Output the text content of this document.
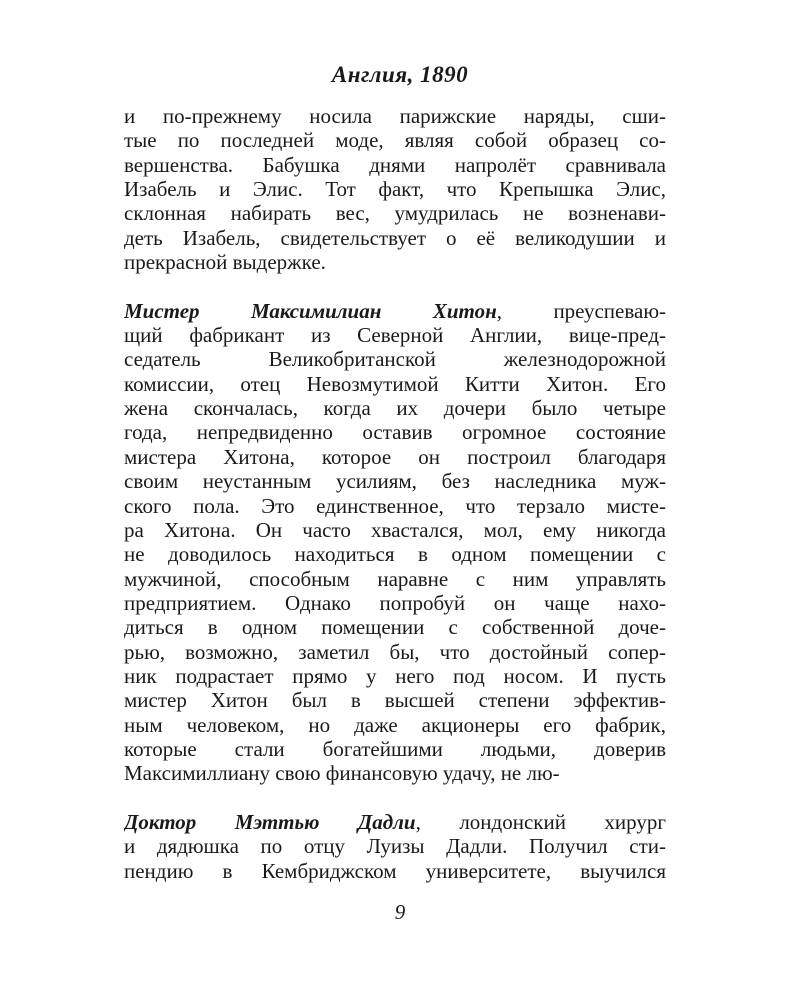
Англия, 1890
и по-прежнему носила парижские наряды, сши-
тые по последней моде, являя собой образец со-
вершенства. Бабушка днями напролёт сравнивала
Изабель и Элис. Тот факт, что Крепышка Элис,
склонная набирать вес, умудрилась не возненави-
деть Изабель, свидетельствует о её великодушии и
прекрасной выдержке.
Мистер Максимилиан Хитон, преуспеваю-
щий фабрикант из Северной Англии, вице-пред-
седатель Великобританской железнодорожной
комиссии, отец Невозмутимой Китти Хитон. Его
жена скончалась, когда их дочери было четыре
года, непредвиденно оставив огромное состояние
мистера Хитона, которое он построил благодаря
своим неустанным усилиям, без наследника муж-
ского пола. Это единственное, что терзало мисте-
ра Хитона. Он часто хвастался, мол, ему никогда
не доводилось находиться в одном помещении с
мужчиной, способным наравне с ним управлять
предприятием. Однако попробуй он чаще нахо-
диться в одном помещении с собственной доче-
рью, возможно, заметил бы, что достойный сопер-
ник подрастает прямо у него под носом. И пусть
мистер Хитон был в высшей степени эффектив-
ным человеком, но даже акционеры его фабрик,
которые стали богатейшими людьми, доверив
Максимиллиану свою финансовую удачу, не лю-
Доктор Мэттью Дадли, лондонский хирург
и дядюшка по отцу Луизы Дадли. Получил сти-
пендию в Кембриджском университете, выучился
9
